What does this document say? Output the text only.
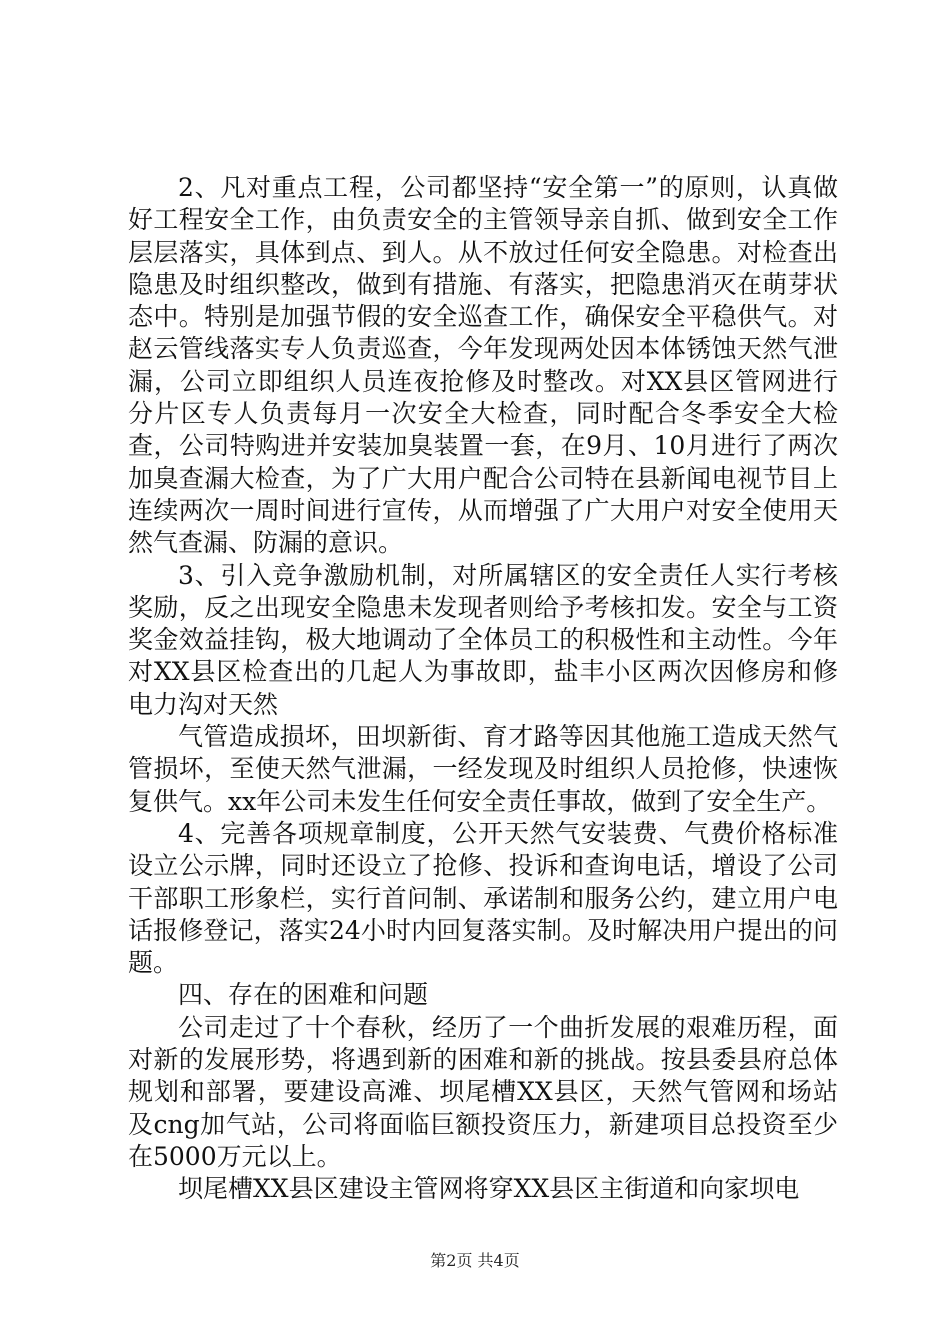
2、凡对重点工程，公司都坚持“安全第一”的原则，认真做好工程安全工作，由负责安全的主管领导亲自抓、做到安全工作层层落实，具体到点、到人。从不放过任何安全隐患。对检查出隐患及时组织整改，做到有措施、有落实，把隐患消灭在萌芽状态中。特别是加强节假的安全巡查工作，确保安全平稳供气。对赵云管线落实专人负责巡查，今年发现两处因本体锈蚀天然气泄漏，公司立即组织人员连夜抢修及时整改。对XX县区管网进行分片区专人负责每月一次安全大检查，同时配合冬季安全大检查，公司特购进并安装加臭装置一套，在9月、10月进行了两次加臭查漏大检查，为了广大用户配合公司特在县新闻电视节目上连续两次一周时间进行宣传，从而增强了广大用户对安全使用天然气查漏、防漏的意识。

3、引入竞争激励机制，对所属辖区的安全责任人实行考核奖励，反之出现安全隐患未发现者则给予考核扣发。安全与工资奖金效益挂钩，极大地调动了全体员工的积极性和主动性。今年对XX县区检查出的几起人为事故即，盐丰小区两次因修房和修电力沟对天然

气管造成损坏，田坝新街、育才路等因其他施工造成天然气管损坏，至使天然气泄漏，一经发现及时组织人员抢修，快速恢复供气。xx年公司未发生任何安全责任事故，做到了安全生产。

4、完善各项规章制度，公开天然气安装费、气费价格标准设立公示牌，同时还设立了抢修、投诉和查询电话，增设了公司干部职工形象栏，实行首问制、承诺制和服务公约，建立用户电话报修登记，落实24小时内回复落实制。及时解决用户提出的问题。

四、存在的困难和问题

公司走过了十个春秋，经历了一个曲折发展的艰难历程，面对新的发展形势，将遇到新的困难和新的挑战。按县委县府总体规划和部署，要建设高滩、坝尾槽XX县区，天然气管网和场站及cng加气站，公司将面临巨额投资压力，新建项目总投资至少在5000万元以上。

坝尾槽XX县区建设主管网将穿XX县区主街道和向家坝电

第2页 共4页
